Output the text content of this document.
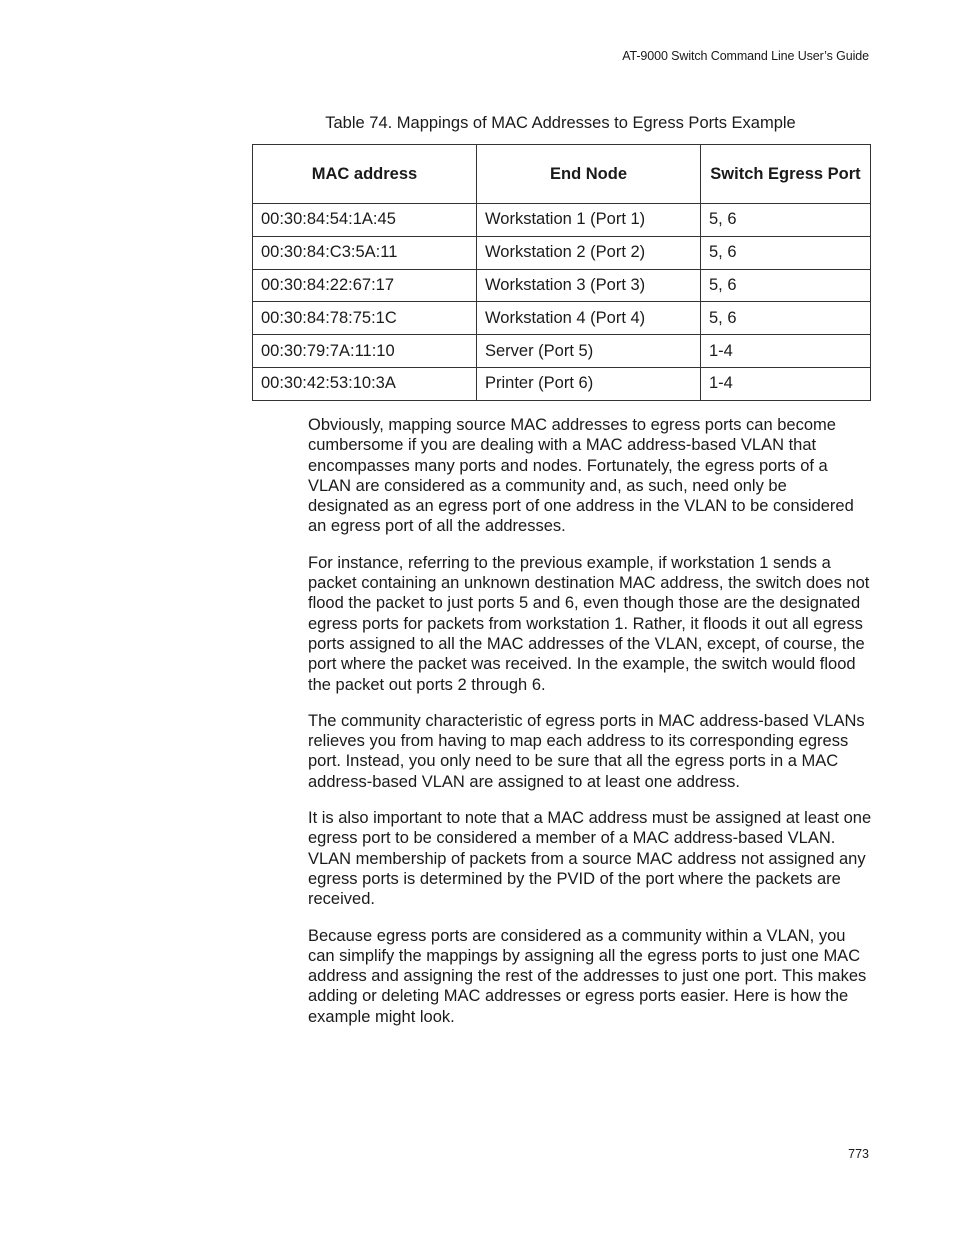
AT-9000 Switch Command Line User’s Guide
Table 74. Mappings of MAC Addresses to Egress Ports Example
MAC address	End Node	Switch Egress Port
00:30:84:54:1A:45	Workstation 1 (Port 1)	5, 6
00:30:84:C3:5A:11	Workstation 2 (Port 2)	5, 6
00:30:84:22:67:17	Workstation 3 (Port 3)	5, 6
00:30:84:78:75:1C	Workstation 4 (Port 4)	5, 6
00:30:79:7A:11:10	Server (Port 5)	1-4
00:30:42:53:10:3A	Printer (Port 6)	1-4

Obviously, mapping source MAC addresses to egress ports can become cumbersome if you are dealing with a MAC address-based VLAN that encompasses many ports and nodes. Fortunately, the egress ports of a VLAN are considered as a community and, as such, need only be designated as an egress port of one address in the VLAN to be considered an egress port of all the addresses.

For instance, referring to the previous example, if workstation 1 sends a packet containing an unknown destination MAC address, the switch does not flood the packet to just ports 5 and 6, even though those are the designated egress ports for packets from workstation 1. Rather, it floods it out all egress ports assigned to all the MAC addresses of the VLAN, except, of course, the port where the packet was received. In the example, the switch would flood the packet out ports 2 through 6.

The community characteristic of egress ports in MAC address-based VLANs relieves you from having to map each address to its corresponding egress port. Instead, you only need to be sure that all the egress ports in a MAC address-based VLAN are assigned to at least one address.

It is also important to note that a MAC address must be assigned at least one egress port to be considered a member of a MAC address-based VLAN. VLAN membership of packets from a source MAC address not assigned any egress ports is determined by the PVID of the port where the packets are received.

Because egress ports are considered as a community within a VLAN, you can simplify the mappings by assigning all the egress ports to just one MAC address and assigning the rest of the addresses to just one port. This makes adding or deleting MAC addresses or egress ports easier. Here is how the example might look.

773
